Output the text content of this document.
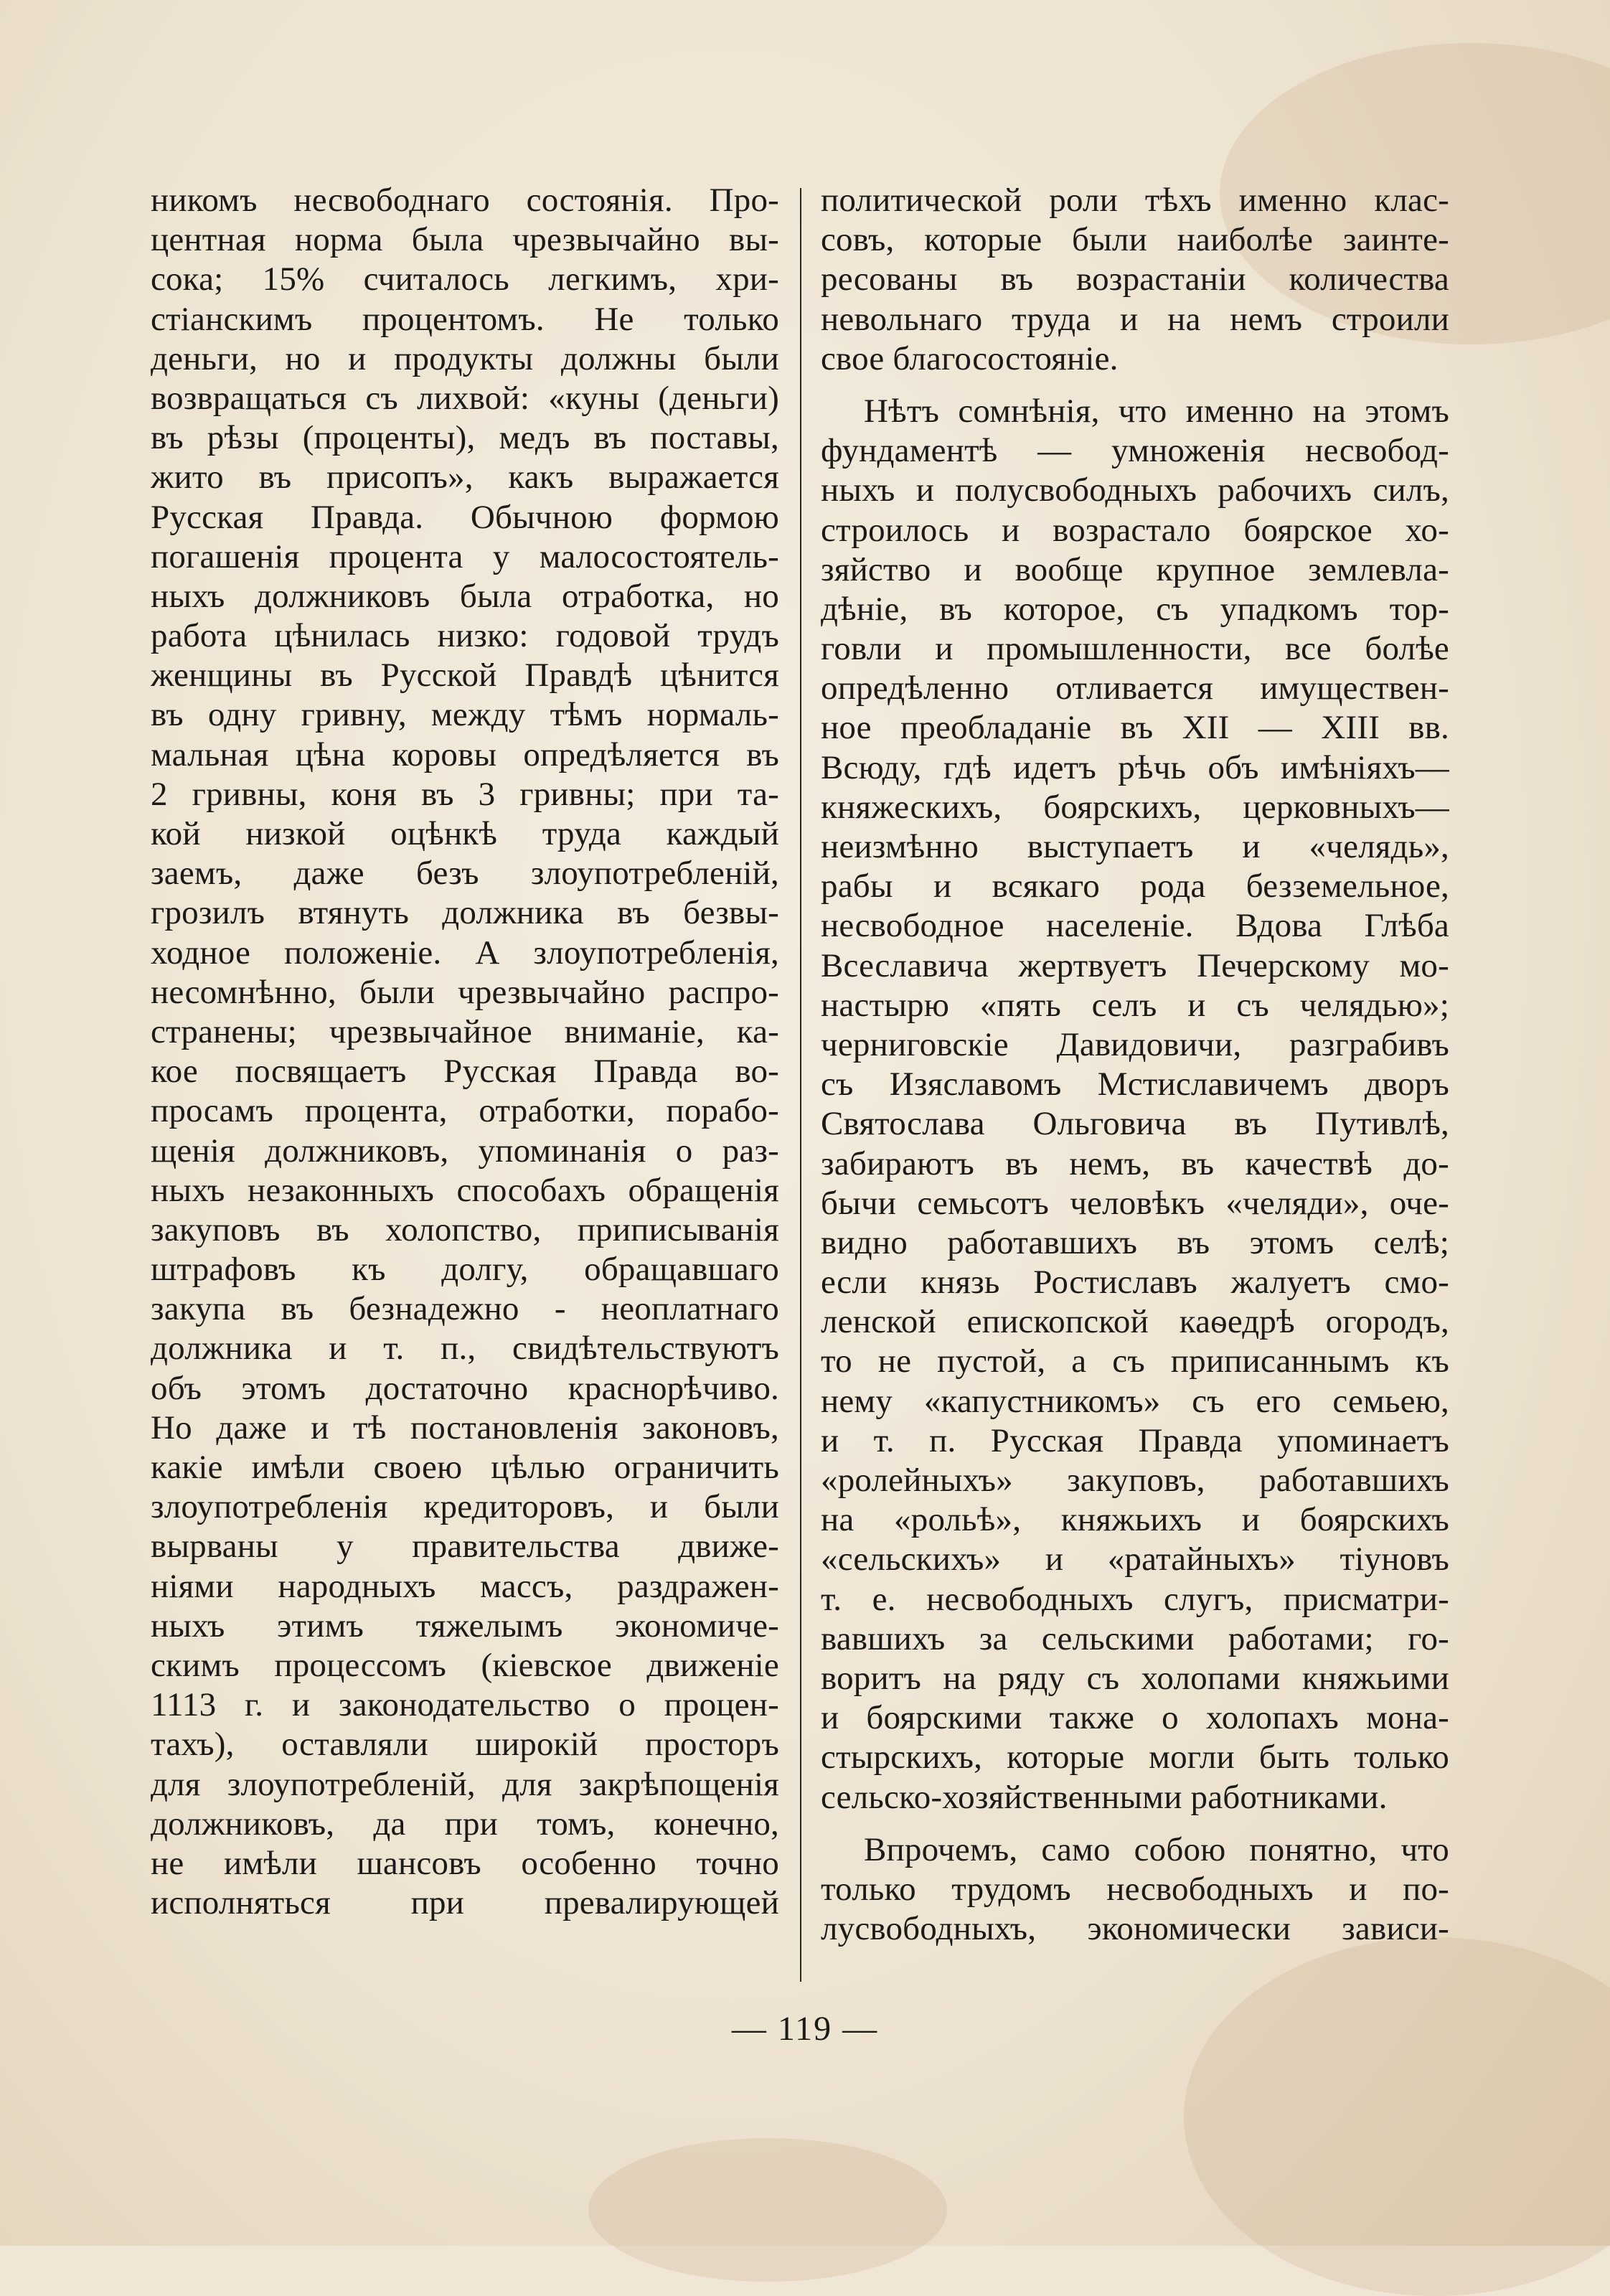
никомъ несвободнаго состоянія. Про-
центная норма была чрезвычайно вы-
сока; 15% считалось легкимъ, хри-
стіанскимъ процентомъ. Не только
деньги, но и продукты должны были
возвращаться съ лихвой: «куны (деньги)
въ рѣзы (проценты), медъ въ поставы,
жито въ присопъ», какъ выражается
Русская Правда. Обычною формою
погашенія процента у малосостоятель-
ныхъ должниковъ была отработка, но
работа цѣнилась низко: годовой трудъ
женщины въ Русской Правдѣ цѣнится
въ одну гривну, между тѣмъ нормаль-
мальная цѣна коровы опредѣляется въ
2 гривны, коня въ 3 гривны; при та-
кой низкой оцѣнкѣ труда каждый
заемъ, даже безъ злоупотребленій,
грозилъ втянуть должника въ безвы-
ходное положеніе. А злоупотребленія,
несомнѣнно, были чрезвычайно распро-
странены; чрезвычайное вниманіе, ка-
кое посвящаетъ Русская Правда во-
просамъ процента, отработки, порабо-
щенія должниковъ, упоминанія о раз-
ныхъ незаконныхъ способахъ обращенія
закуповъ въ холопство, приписыванія
штрафовъ къ долгу, обращавшаго
закупа въ безнадежно - неоплатнаго
должника и т. п., свидѣтельствуютъ
объ этомъ достаточно краснорѣчиво.
Но даже и тѣ постановленія законовъ,
какіе имѣли своею цѣлью ограничить
злоупотребленія кредиторовъ, и были
вырваны у правительства движе-
ніями народныхъ массъ, раздражен-
ныхъ этимъ тяжелымъ экономиче-
скимъ процессомъ (кіевское движеніе
1113 г. и законодательство о процен-
тахъ), оставляли широкій просторъ
для злоупотребленій, для закрѣпощенія
должниковъ, да при томъ, конечно,
не имѣли шансовъ особенно точно
исполняться при превалирующей
политической роли тѣхъ именно клас-
совъ, которые были наиболѣе заинте-
ресованы въ возрастаніи количества
невольнаго труда и на немъ строили
свое благосостояніе.
Нѣтъ сомнѣнія, что именно на этомъ
фундаментѣ — умноженія несвобод-
ныхъ и полусвободныхъ рабочихъ силъ,
строилось и возрастало боярское хо-
зяйство и вообще крупное землевла-
дѣніе, въ которое, съ упадкомъ тор-
говли и промышленности, все болѣе
опредѣленно отливается имуществен-
ное преобладаніе въ XII — XIII вв.
Всюду, гдѣ идетъ рѣчь объ имѣніяхъ—
княжескихъ, боярскихъ, церковныхъ—
неизмѣнно выступаетъ и «челядь»,
рабы и всякаго рода безземельное,
несвободное населеніе. Вдова Глѣба
Всеславича жертвуетъ Печерскому мо-
настырю «пять селъ и съ челядью»;
черниговскіе Давидовичи, разграбивъ
съ Изяславомъ Мстиславичемъ дворъ
Святослава Ольговича въ Путивлѣ,
забираютъ въ немъ, въ качествѣ до-
бычи семьсотъ человѣкъ «челяди», оче-
видно работавшихъ въ этомъ селѣ;
если князь Ростиславъ жалуетъ смо-
ленской епископской каѳедрѣ огородъ,
то не пустой, а съ приписаннымъ къ
нему «капустникомъ» съ его семьею,
и т. п. Русская Правда упоминаетъ
«ролейныхъ» закуповъ, работавшихъ
на «рольѣ», княжьихъ и боярскихъ
«сельскихъ» и «ратайныхъ» тіуновъ
т. е. несвободныхъ слугъ, присматри-
вавшихъ за сельскими работами; го-
воритъ на ряду съ холопами княжьими
и боярскими также о холопахъ мона-
стырскихъ, которые могли быть только
сельско-хозяйственными работниками.
Впрочемъ, само собою понятно, что
только трудомъ несвободныхъ и по-
лусвободныхъ, экономически зависи-
— 119 —
